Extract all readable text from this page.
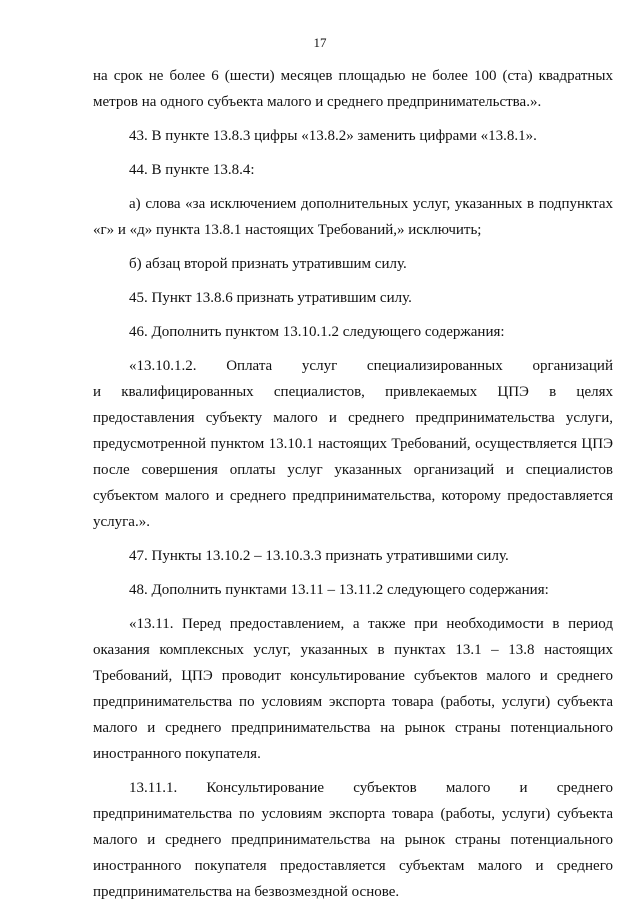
17
на срок не более 6 (шести) месяцев площадью не более 100 (ста) квадратных
метров на одного субъекта малого и среднего предпринимательства.».
43. В пункте 13.8.3 цифры «13.8.2» заменить цифрами «13.8.1».
44. В пункте 13.8.4:
а) слова «за исключением дополнительных услуг, указанных в подпунктах
«г» и «д» пункта 13.8.1 настоящих Требований,» исключить;
б) абзац второй признать утратившим силу.
45. Пункт 13.8.6 признать утратившим силу.
46. Дополнить пунктом 13.10.1.2 следующего содержания:
«13.10.1.2. Оплата услуг специализированных организаций
и квалифицированных специалистов, привлекаемых ЦПЭ в целях
предоставления субъекту малого и среднего предпринимательства услуги,
предусмотренной пунктом 13.10.1 настоящих Требований, осуществляется ЦПЭ
после совершения оплаты услуг указанных организаций и специалистов
субъектом малого и среднего предпринимательства, которому предоставляется
услуга.».
47. Пункты 13.10.2 – 13.10.3.3 признать утратившими силу.
48. Дополнить пунктами 13.11 – 13.11.2 следующего содержания:
«13.11. Перед предоставлением, а также при необходимости в период
оказания комплексных услуг, указанных в пунктах 13.1 – 13.8 настоящих
Требований, ЦПЭ проводит консультирование субъектов малого и среднего
предпринимательства по условиям экспорта товара (работы, услуги) субъекта
малого и среднего предпринимательства на рынок страны потенциального
иностранного покупателя.
13.11.1. Консультирование субъектов малого и среднего
предпринимательства по условиям экспорта товара (работы, услуги) субъекта
малого и среднего предпринимательства на рынок страны потенциального
иностранного покупателя предоставляется субъектам малого и среднего
предпринимательства на безвозмездной основе.
